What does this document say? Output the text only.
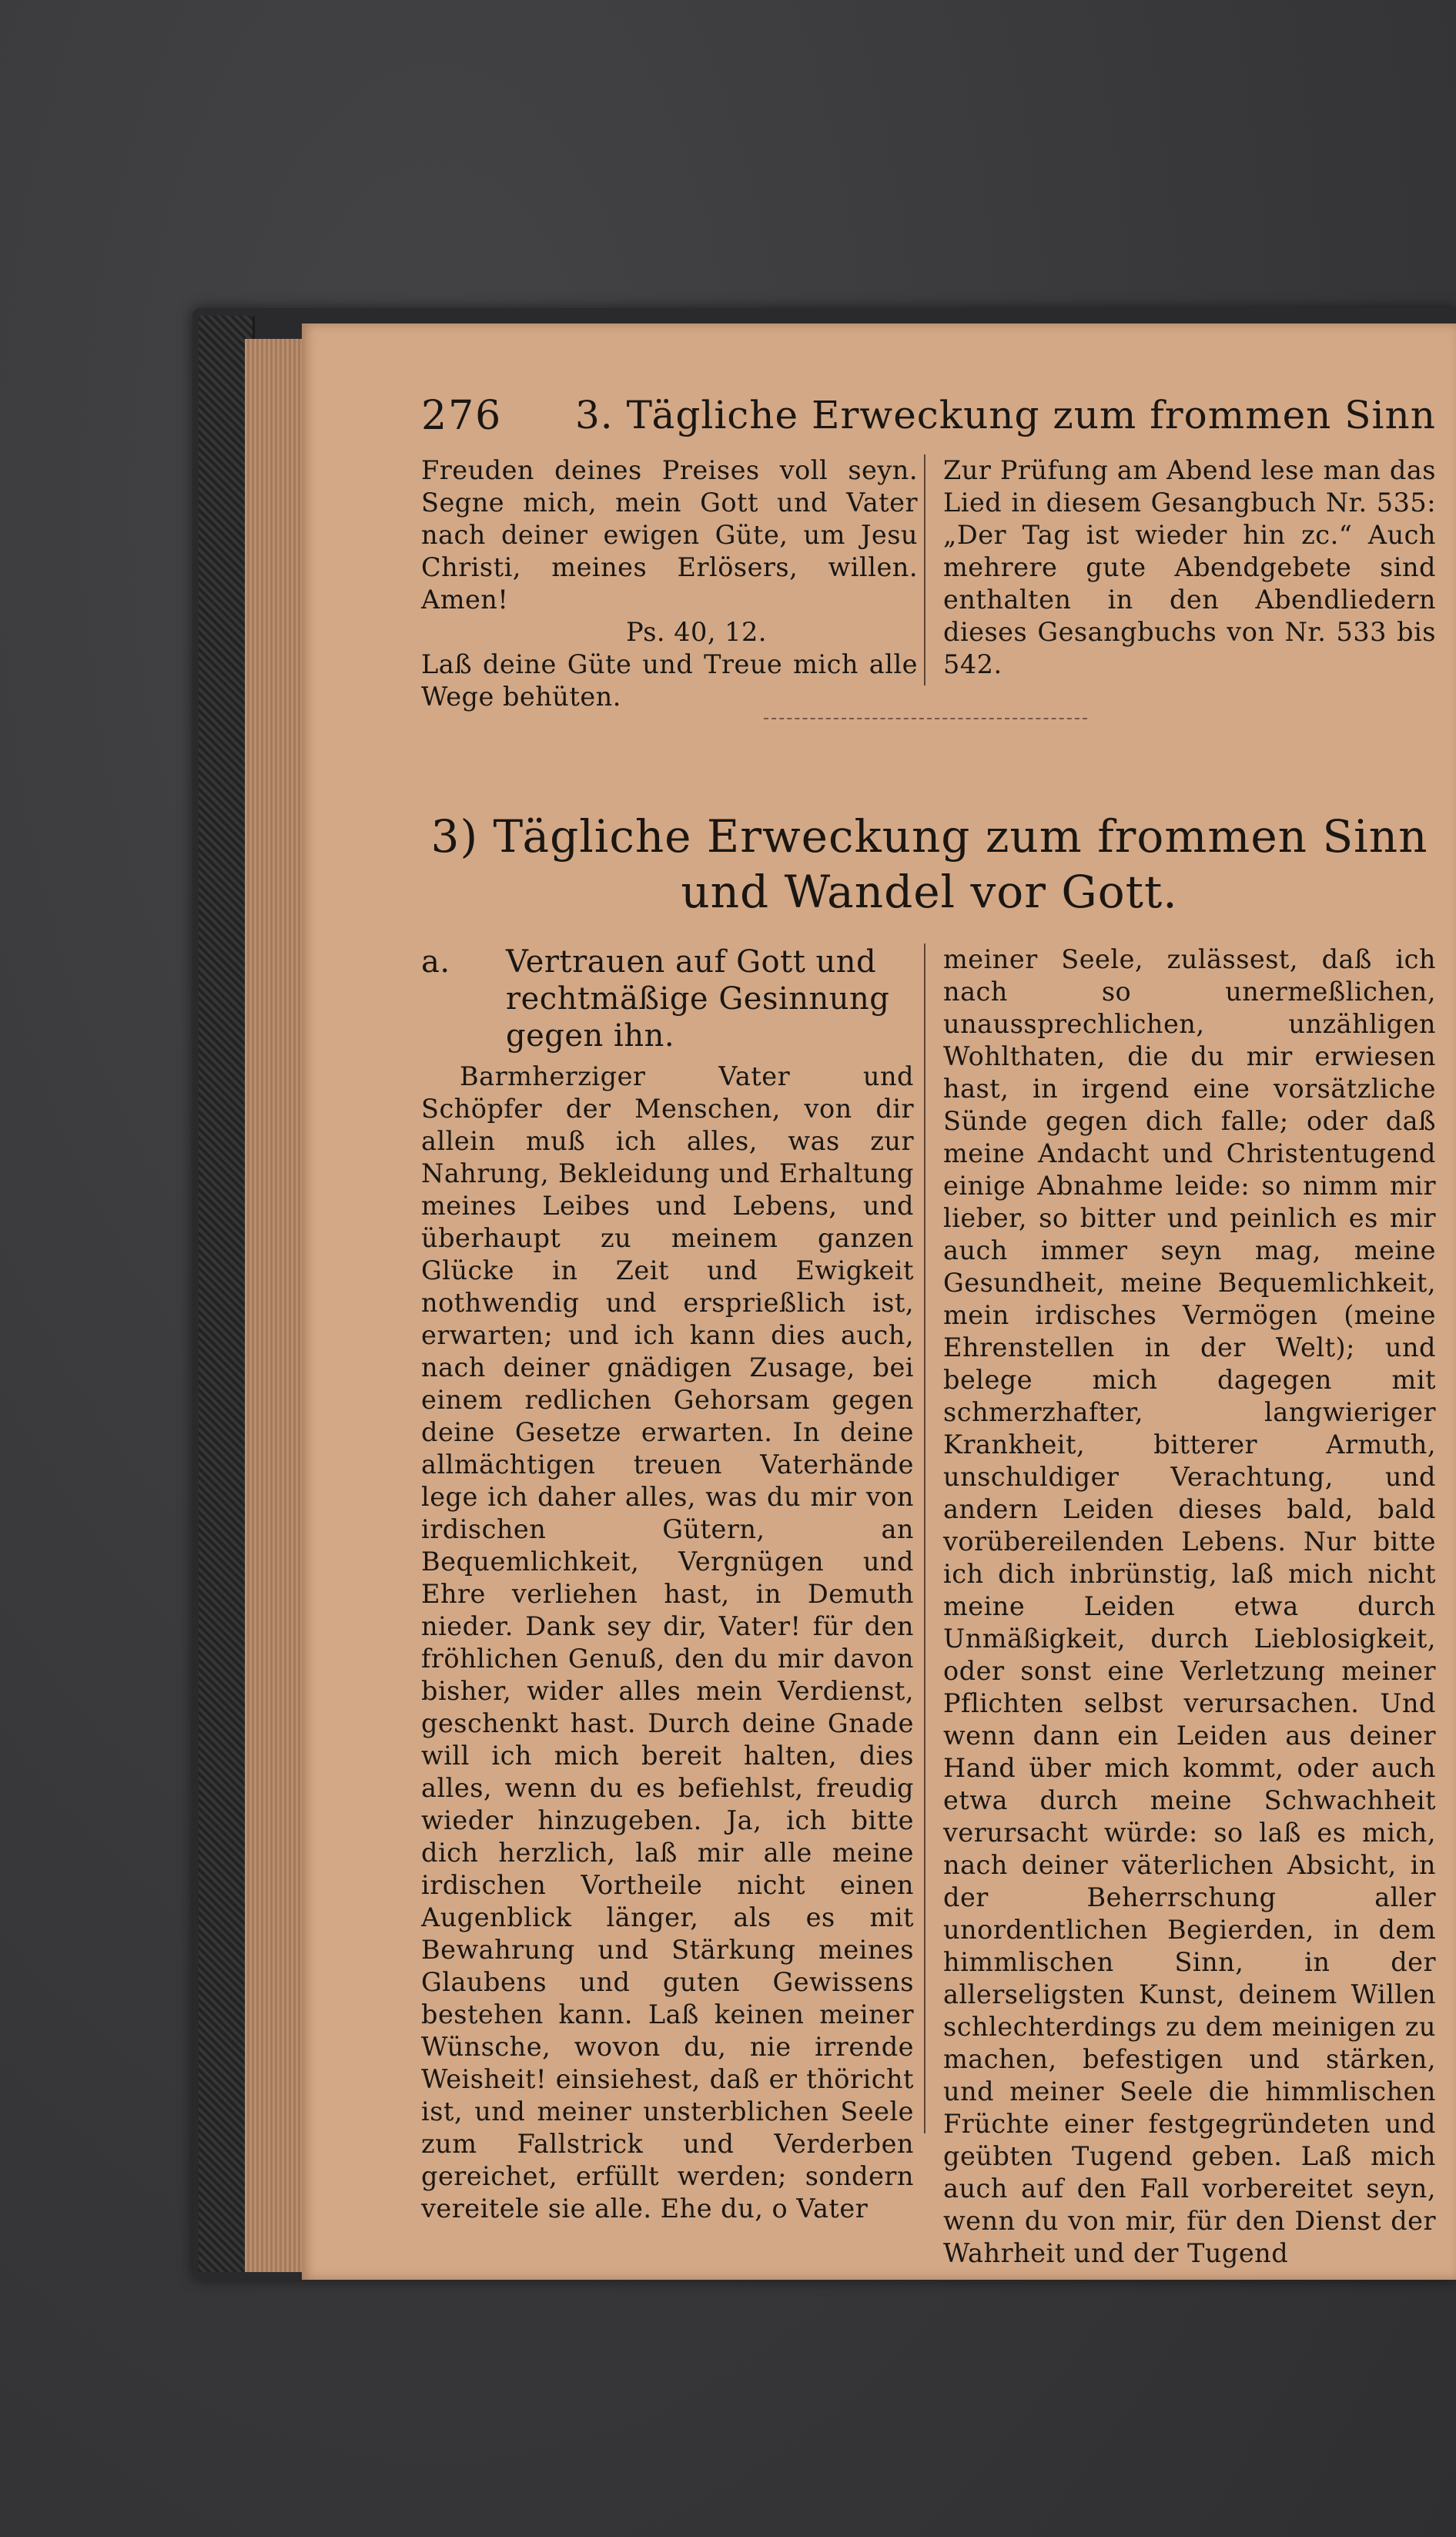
276 3. Tägliche Erweckung zum frommen Sinn

Freuden deines Preises voll seyn. Segne mich, mein Gott und Vater nach deiner ewigen Güte, um Jesu Christi, meines Erlösers, willen. Amen!

Ps. 40, 12.

Laß deine Güte und Treue mich alle Wege behüten.

Zur Prüfung am Abend lese man das Lied in diesem Gesangbuch Nr. 535: „Der Tag ist wieder hin zc.“ Auch mehrere gute Abendgebete sind enthalten in den Abendliedern dieses Gesangbuchs von Nr. 533 bis 542.

3) Tägliche Erweckung zum frommen Sinn und Wandel vor Gott.
a.	Vertrauen auf Gott und rechtmäßige Gesinnung gegen ihn.

Barmherziger Vater und Schöpfer der Menschen, von dir allein muß ich alles, was zur Nahrung, Bekleidung und Erhaltung meines Leibes und Lebens, und überhaupt zu meinem ganzen Glücke in Zeit und Ewigkeit nothwendig und ersprießlich ist, erwarten; und ich kann dies auch, nach deiner gnädigen Zusage, bei einem redlichen Gehorsam gegen deine Gesetze erwarten. In deine allmächtigen treuen Vaterhände lege ich daher alles, was du mir von irdischen Gütern, an Bequemlichkeit, Vergnügen und Ehre verliehen hast, in Demuth nieder. Dank sey dir, Vater! für den fröhlichen Genuß, den du mir davon bisher, wider alles mein Verdienst, geschenkt hast. Durch deine Gnade will ich mich bereit halten, dies alles, wenn du es befiehlst, freudig wieder hinzugeben. Ja, ich bitte dich herzlich, laß mir alle meine irdischen Vortheile nicht einen Augenblick länger, als es mit Bewahrung und Stärkung meines Glaubens und guten Gewissens bestehen kann. Laß keinen meiner Wünsche, wovon du, nie irrende Weisheit! einsiehest, daß er thöricht ist, und meiner unsterblichen Seele zum Fallstrick und Verderben gereichet, erfüllt werden; sondern vereitele sie alle. Ehe du, o Vater

meiner Seele, zulässest, daß ich nach so unermeßlichen, unaussprechlichen, unzähligen Wohlthaten, die du mir erwiesen hast, in irgend eine vorsätzliche Sünde gegen dich falle; oder daß meine Andacht und Christentugend einige Abnahme leide: so nimm mir lieber, so bitter und peinlich es mir auch immer seyn mag, meine Gesundheit, meine Bequemlichkeit, mein irdisches Vermögen (meine Ehrenstellen in der Welt); und belege mich dagegen mit schmerzhafter, langwieriger Krankheit, bitterer Armuth, unschuldiger Verachtung, und andern Leiden dieses bald, bald vorübereilenden Lebens. Nur bitte ich dich inbrünstig, laß mich nicht meine Leiden etwa durch Unmäßigkeit, durch Lieblosigkeit, oder sonst eine Verletzung meiner Pflichten selbst verursachen. Und wenn dann ein Leiden aus deiner Hand über mich kommt, oder auch etwa durch meine Schwachheit verursacht würde: so laß es mich, nach deiner väterlichen Absicht, in der Beherrschung aller unordentlichen Begierden, in dem himmlischen Sinn, in der allerseligsten Kunst, deinem Willen schlechterdings zu dem meinigen zu machen, befestigen und stärken, und meiner Seele die himmlischen Früchte einer festgegründeten und geübten Tugend geben. Laß mich auch auf den Fall vorbereitet seyn, wenn du von mir, für den Dienst der Wahrheit und der Tugend
